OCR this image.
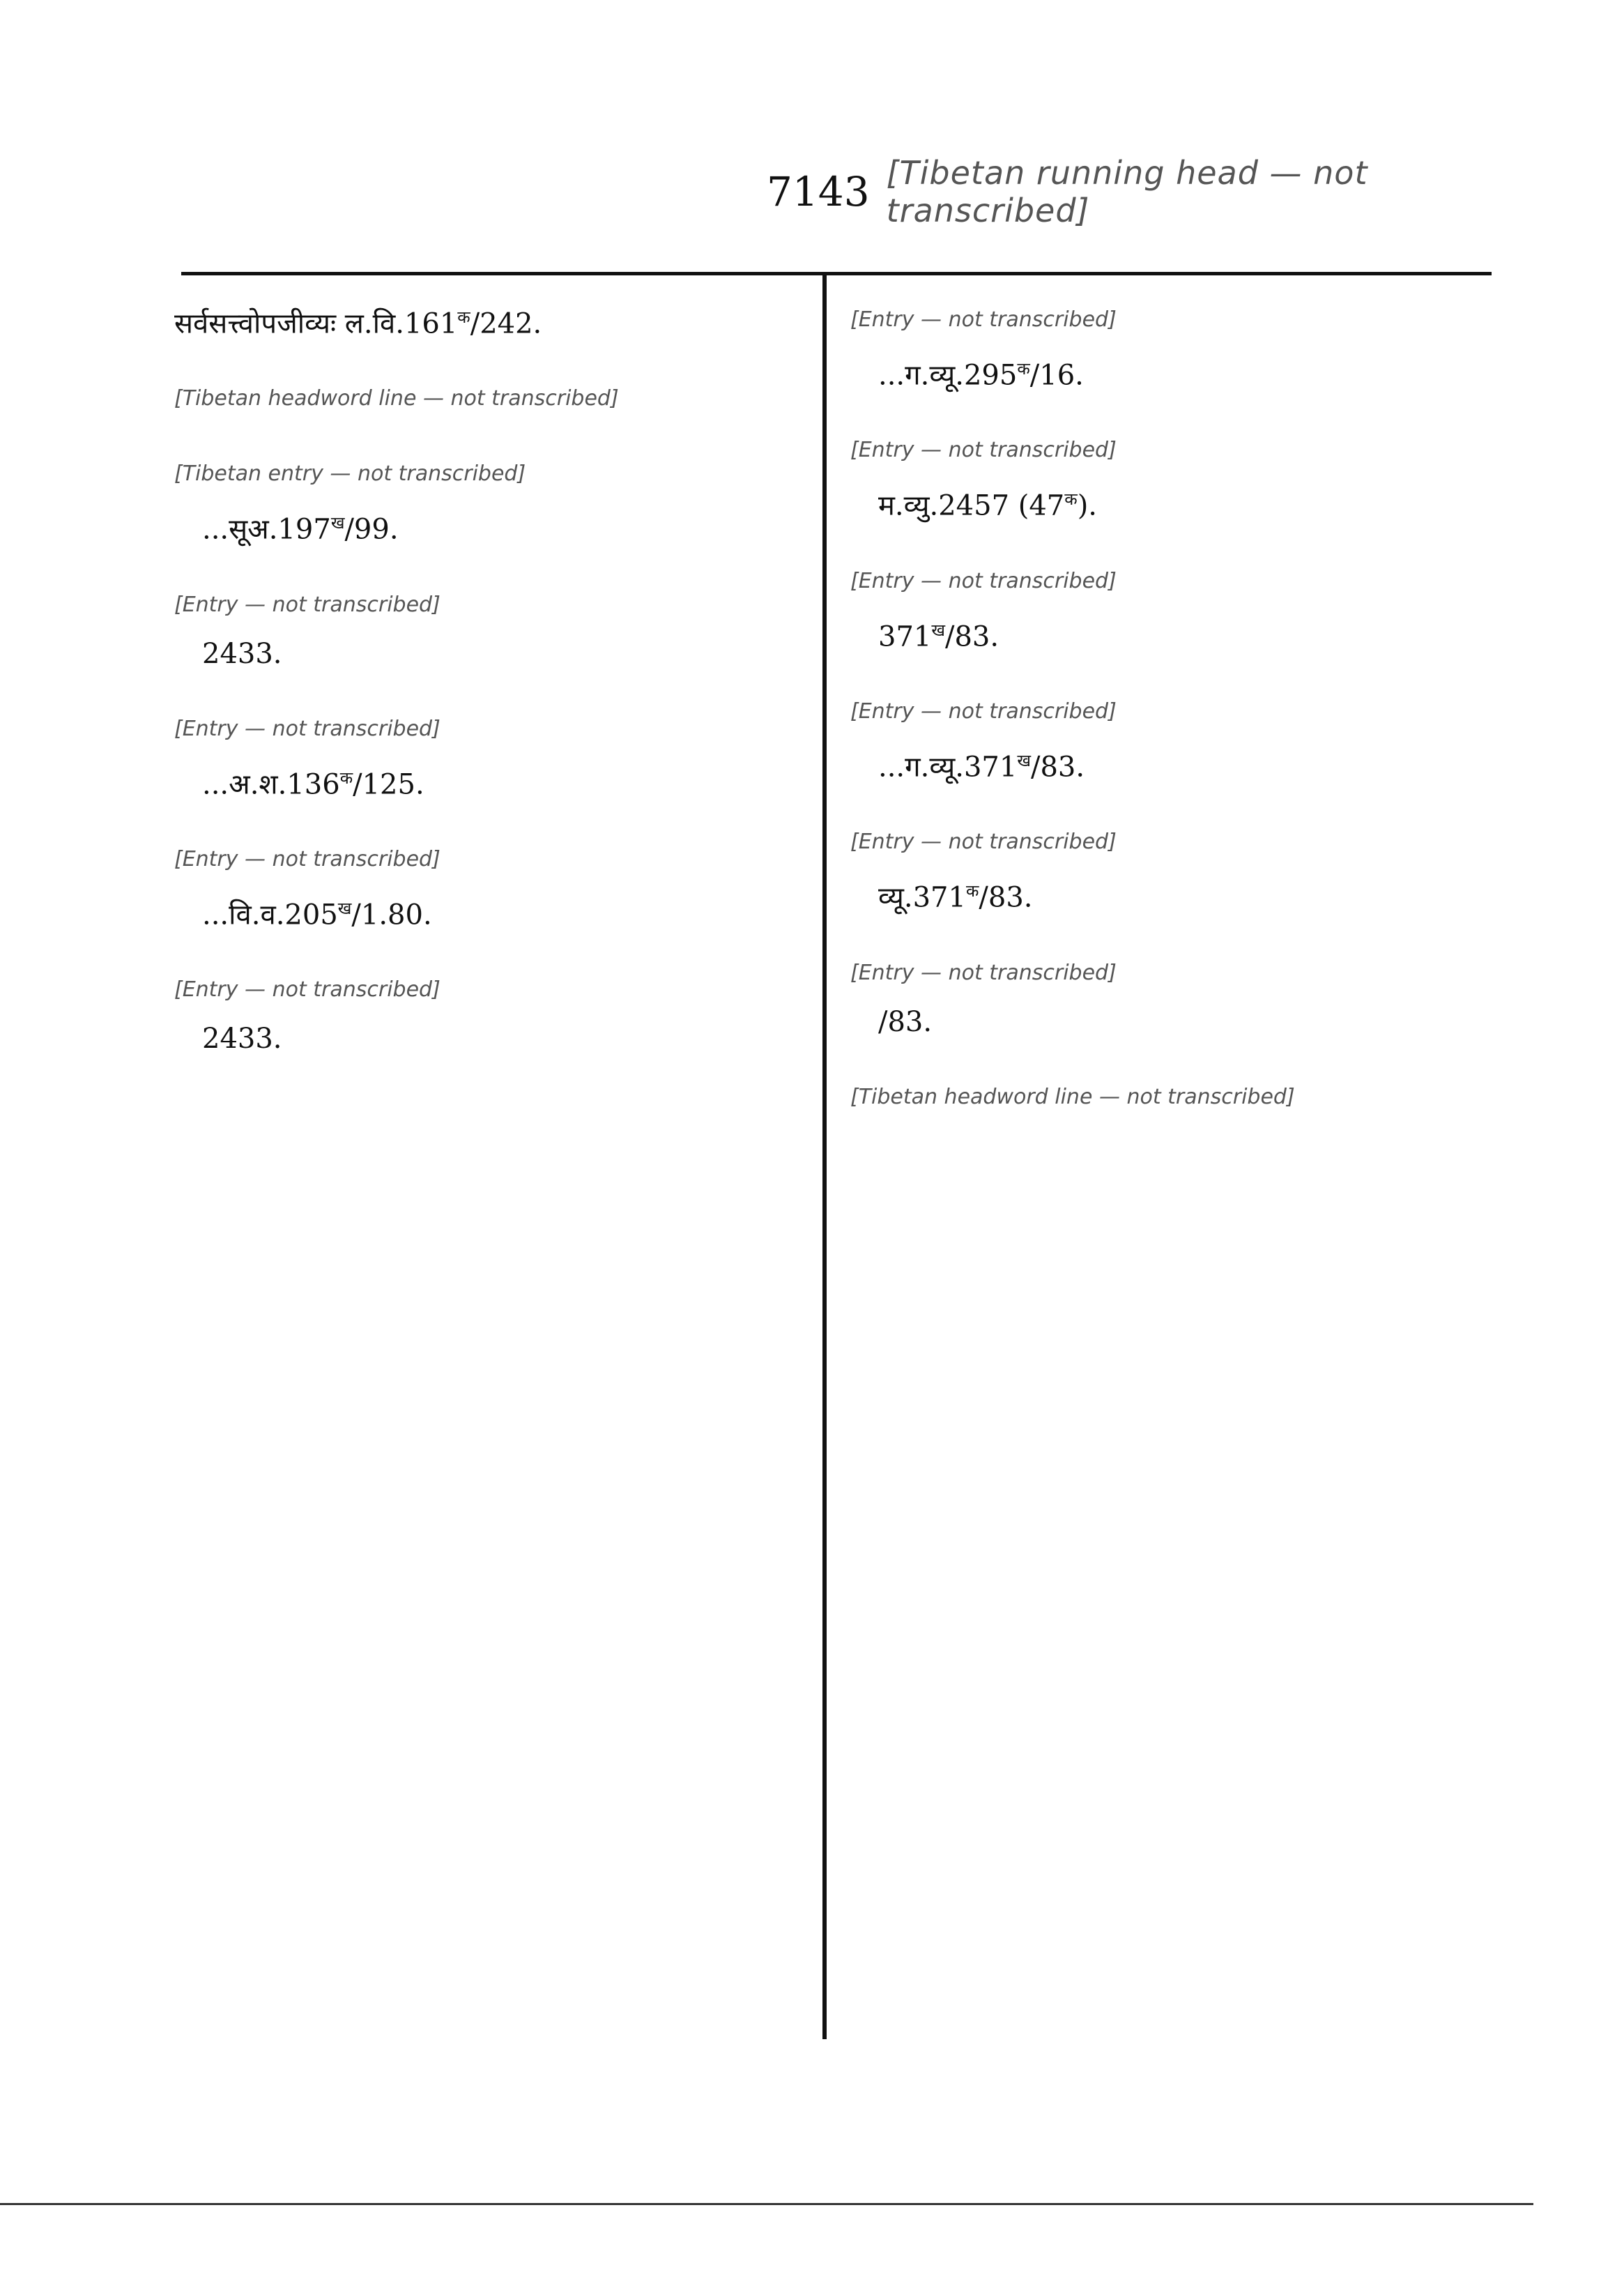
7143 [Tibetan running head — not transcribed]
सर्वसत्त्वोपजीव्यः $ल.वि.161^क/242$.
[Tibetan headword line — not transcribed]
[Tibetan entry — not transcribed]
$...सूअ.197^ख/99$.
[Entry — not transcribed]
2433.
[Entry — not transcribed]
$...अ.श.136^क/125$.
[Entry — not transcribed]
$...वि.व.205^ख/1.80$.
[Entry — not transcribed]
2433.
[Entry — not transcribed]
$...ग.व्यू.295^क/16$.
[Entry — not transcribed]
म.व्यु.2457 $(47^क)$.
[Entry — not transcribed]
$371^ख/83$.
[Entry — not transcribed]
$...ग.व्यू.371^ख/83$.
[Entry — not transcribed]
$व्यू.371^क/83$.
[Entry — not transcribed]
/83.
[Tibetan headword line — not transcribed]
